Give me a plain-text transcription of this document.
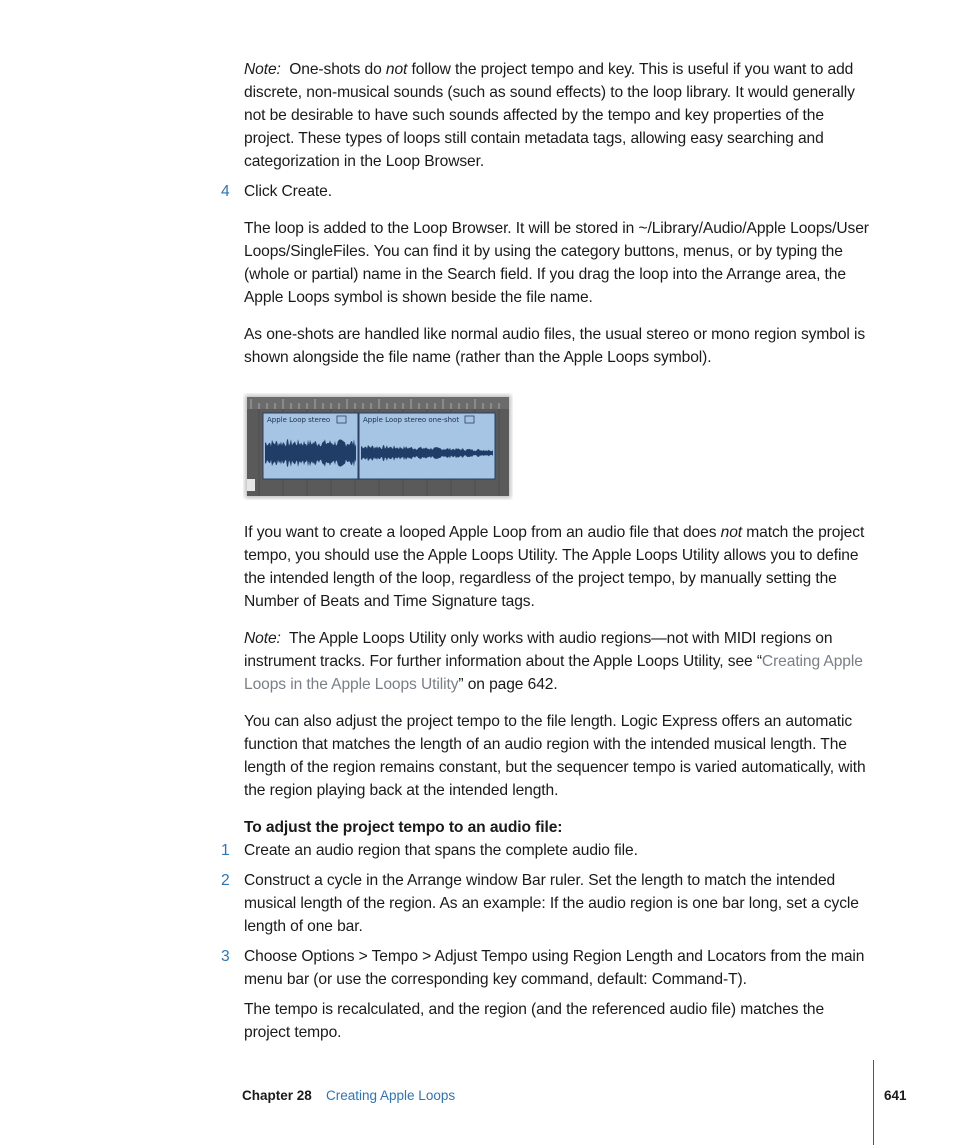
Note: One-shots do not follow the project tempo and key. This is useful if you want to add discrete, non-musical sounds (such as sound effects) to the loop library. It would generally not be desirable to have such sounds affected by the tempo and key properties of the project. These types of loops still contain metadata tags, allowing easy searching and categorization in the Loop Browser.
4 Click Create.
The loop is added to the Loop Browser. It will be stored in ~/Library/Audio/Apple Loops/User Loops/SingleFiles. You can find it by using the category buttons, menus, or by typing the (whole or partial) name in the Search field. If you drag the loop into the Arrange area, the Apple Loops symbol is shown beside the file name.
As one-shots are handled like normal audio files, the usual stereo or mono region symbol is shown alongside the file name (rather than the Apple Loops symbol).
Apple Loop stereo	Apple Loop stereo one-shot
If you want to create a looped Apple Loop from an audio file that does not match the project tempo, you should use the Apple Loops Utility. The Apple Loops Utility allows you to define the intended length of the loop, regardless of the project tempo, by manually setting the Number of Beats and Time Signature tags.
Note: The Apple Loops Utility only works with audio regions—not with MIDI regions on instrument tracks. For further information about the Apple Loops Utility, see “Creating Apple Loops in the Apple Loops Utility” on page 642.
You can also adjust the project tempo to the file length. Logic Express offers an automatic function that matches the length of an audio region with the intended musical length. The length of the region remains constant, but the sequencer tempo is varied automatically, with the region playing back at the intended length.
To adjust the project tempo to an audio file:
1 Create an audio region that spans the complete audio file.
2 Construct a cycle in the Arrange window Bar ruler. Set the length to match the intended musical length of the region. As an example: If the audio region is one bar long, set a cycle length of one bar.
3 Choose Options > Tempo > Adjust Tempo using Region Length and Locators from the main menu bar (or use the corresponding key command, default: Command-T).
The tempo is recalculated, and the region (and the referenced audio file) matches the project tempo.
Chapter 28 Creating Apple Loops	641
